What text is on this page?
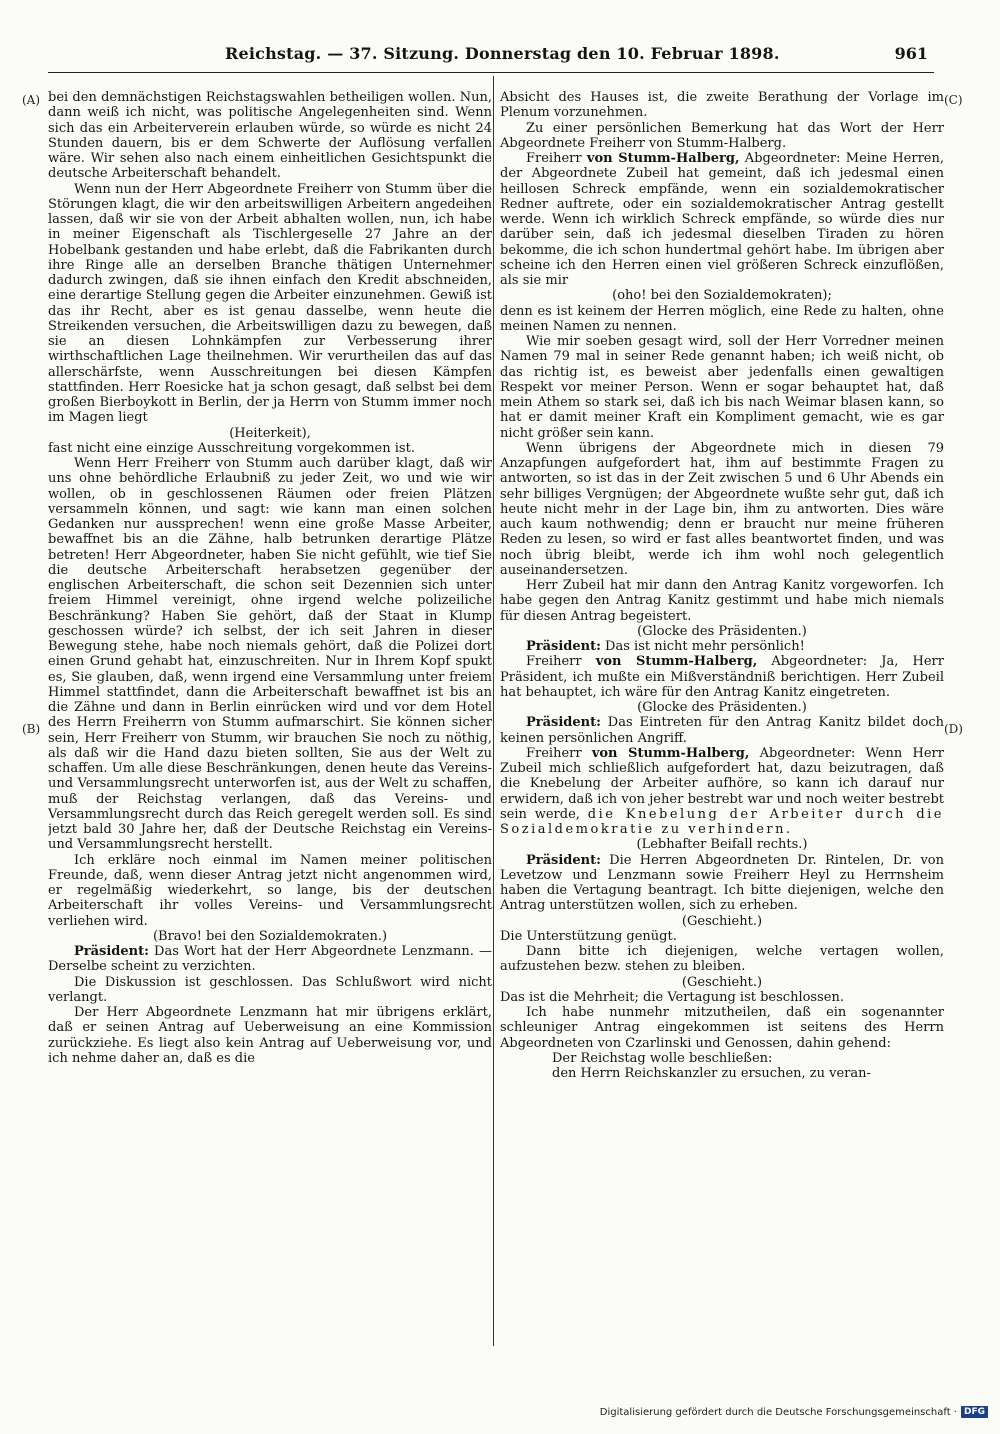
Reichstag. — 37. Sitzung. Donnerstag den 10. Februar 1898.	961
(A)
(B)
(C)
(D)

bei den demnächstigen Reichstagswahlen betheiligen wollen. Nun, dann weiß ich nicht, was politische Angelegenheiten sind. Wenn sich das ein Arbeiterverein erlauben würde, so würde es nicht 24 Stunden dauern, bis er dem Schwerte der Auflösung verfallen wäre. Wir sehen also nach einem einheitlichen Gesichtspunkt die deutsche Arbeiterschaft behandelt.

Wenn nun der Herr Abgeordnete Freiherr von Stumm über die Störungen klagt, die wir den arbeitswilligen Arbeitern angedeihen lassen, daß wir sie von der Arbeit abhalten wollen, nun, ich habe in meiner Eigenschaft als Tischlergeselle 27 Jahre an der Hobelbank gestanden und habe erlebt, daß die Fabrikanten durch ihre Ringe alle an derselben Branche thätigen Unternehmer dadurch zwingen, daß sie ihnen einfach den Kredit abschneiden, eine derartige Stellung gegen die Arbeiter einzunehmen. Gewiß ist das ihr Recht, aber es ist genau dasselbe, wenn heute die Streikenden versuchen, die Arbeitswilligen dazu zu bewegen, daß sie an diesen Lohnkämpfen zur Verbesserung ihrer wirthschaftlichen Lage theilnehmen. Wir verurtheilen das auf das allerschärfste, wenn Ausschreitungen bei diesen Kämpfen stattfinden. Herr Roesicke hat ja schon gesagt, daß selbst bei dem großen Bierboykott in Berlin, der ja Herrn von Stumm immer noch im Magen liegt

(Heiterkeit),

fast nicht eine einzige Ausschreitung vorgekommen ist.

Wenn Herr Freiherr von Stumm auch darüber klagt, daß wir uns ohne behördliche Erlaubniß zu jeder Zeit, wo und wie wir wollen, ob in geschlossenen Räumen oder freien Plätzen versammeln können, und sagt: wie kann man einen solchen Gedanken nur aussprechen! wenn eine große Masse Arbeiter, bewaffnet bis an die Zähne, halb betrunken derartige Plätze betreten! Herr Abgeordneter, haben Sie nicht gefühlt, wie tief Sie die deutsche Arbeiterschaft herabsetzen gegenüber der englischen Arbeiterschaft, die schon seit Dezennien sich unter freiem Himmel vereinigt, ohne irgend welche polizeiliche Beschränkung? Haben Sie gehört, daß der Staat in Klump geschossen würde? ich selbst, der ich seit Jahren in dieser Bewegung stehe, habe noch niemals gehört, daß die Polizei dort einen Grund gehabt hat, einzuschreiten. Nur in Ihrem Kopf spukt es, Sie glauben, daß, wenn irgend eine Versammlung unter freiem Himmel stattfindet, dann die Arbeiterschaft bewaffnet ist bis an die Zähne und dann in Berlin einrücken wird und vor dem Hotel des Herrn Freiherrn von Stumm aufmarschirt. Sie können sicher sein, Herr Freiherr von Stumm, wir brauchen Sie noch zu nöthig, als daß wir die Hand dazu bieten sollten, Sie aus der Welt zu schaffen. Um alle diese Beschränkungen, denen heute das Vereins- und Versammlungsrecht unterworfen ist, aus der Welt zu schaffen, muß der Reichstag verlangen, daß das Vereins- und Versammlungsrecht durch das Reich geregelt werden soll. Es sind jetzt bald 30 Jahre her, daß der Deutsche Reichstag ein Vereins- und Versammlungsrecht herstellt.

Ich erkläre noch einmal im Namen meiner politischen Freunde, daß, wenn dieser Antrag jetzt nicht angenommen wird, er regelmäßig wiederkehrt, so lange, bis der deutschen Arbeiterschaft ihr volles Vereins- und Versammlungsrecht verliehen wird.

(Bravo! bei den Sozialdemokraten.)

Präsident: Das Wort hat der Herr Abgeordnete Lenzmann. — Derselbe scheint zu verzichten.

Die Diskussion ist geschlossen. Das Schlußwort wird nicht verlangt.

Der Herr Abgeordnete Lenzmann hat mir übrigens erklärt, daß er seinen Antrag auf Ueberweisung an eine Kommission zurückziehe. Es liegt also kein Antrag auf Ueberweisung vor, und ich nehme daher an, daß es die

Absicht des Hauses ist, die zweite Berathung der Vorlage im Plenum vorzunehmen.

Zu einer persönlichen Bemerkung hat das Wort der Herr Abgeordnete Freiherr von Stumm-Halberg.

Freiherr von Stumm-Halberg, Abgeordneter: Meine Herren, der Abgeordnete Zubeil hat gemeint, daß ich jedesmal einen heillosen Schreck empfände, wenn ein sozialdemokratischer Redner auftrete, oder ein sozialdemokratischer Antrag gestellt werde. Wenn ich wirklich Schreck empfände, so würde dies nur darüber sein, daß ich jedesmal dieselben Tiraden zu hören bekomme, die ich schon hundertmal gehört habe. Im übrigen aber scheine ich den Herren einen viel größeren Schreck einzuflößen, als sie mir

(oho! bei den Sozialdemokraten);

denn es ist keinem der Herren möglich, eine Rede zu halten, ohne meinen Namen zu nennen.

Wie mir soeben gesagt wird, soll der Herr Vorredner meinen Namen 79 mal in seiner Rede genannt haben; ich weiß nicht, ob das richtig ist, es beweist aber jedenfalls einen gewaltigen Respekt vor meiner Person. Wenn er sogar behauptet hat, daß mein Athem so stark sei, daß ich bis nach Weimar blasen kann, so hat er damit meiner Kraft ein Kompliment gemacht, wie es gar nicht größer sein kann.

Wenn übrigens der Abgeordnete mich in diesen 79 Anzapfungen aufgefordert hat, ihm auf bestimmte Fragen zu antworten, so ist das in der Zeit zwischen 5 und 6 Uhr Abends ein sehr billiges Vergnügen; der Abgeordnete wußte sehr gut, daß ich heute nicht mehr in der Lage bin, ihm zu antworten. Dies wäre auch kaum nothwendig; denn er braucht nur meine früheren Reden zu lesen, so wird er fast alles beantwortet finden, und was noch übrig bleibt, werde ich ihm wohl noch gelegentlich auseinandersetzen.

Herr Zubeil hat mir dann den Antrag Kanitz vorgeworfen. Ich habe gegen den Antrag Kanitz gestimmt und habe mich niemals für diesen Antrag begeistert.

(Glocke des Präsidenten.)

Präsident: Das ist nicht mehr persönlich!

Freiherr von Stumm-Halberg, Abgeordneter: Ja, Herr Präsident, ich mußte ein Mißverständniß berichtigen. Herr Zubeil hat behauptet, ich wäre für den Antrag Kanitz eingetreten.

(Glocke des Präsidenten.)

Präsident: Das Eintreten für den Antrag Kanitz bildet doch keinen persönlichen Angriff.

Freiherr von Stumm-Halberg, Abgeordneter: Wenn Herr Zubeil mich schließlich aufgefordert hat, dazu beizutragen, daß die Knebelung der Arbeiter aufhöre, so kann ich darauf nur erwidern, daß ich von jeher bestrebt war und noch weiter bestrebt sein werde, die Knebelung der Arbeiter durch die Sozialdemokratie zu verhindern.

(Lebhafter Beifall rechts.)

Präsident: Die Herren Abgeordneten Dr. Rintelen, Dr. von Levetzow und Lenzmann sowie Freiherr Heyl zu Herrnsheim haben die Vertagung beantragt. Ich bitte diejenigen, welche den Antrag unterstützen wollen, sich zu erheben.

(Geschieht.)

Die Unterstützung genügt.

Dann bitte ich diejenigen, welche vertagen wollen, aufzustehen bezw. stehen zu bleiben.

(Geschieht.)

Das ist die Mehrheit; die Vertagung ist beschlossen.

Ich habe nunmehr mitzutheilen, daß ein sogenannter schleuniger Antrag eingekommen ist seitens des Herrn Abgeordneten von Czarlinski und Genossen, dahin gehend:

Der Reichstag wolle beschließen:

den Herrn Reichskanzler zu ersuchen, zu veran-

Digitalisierung gefördert durch die Deutsche Forschungsgemeinschaft · DFG
